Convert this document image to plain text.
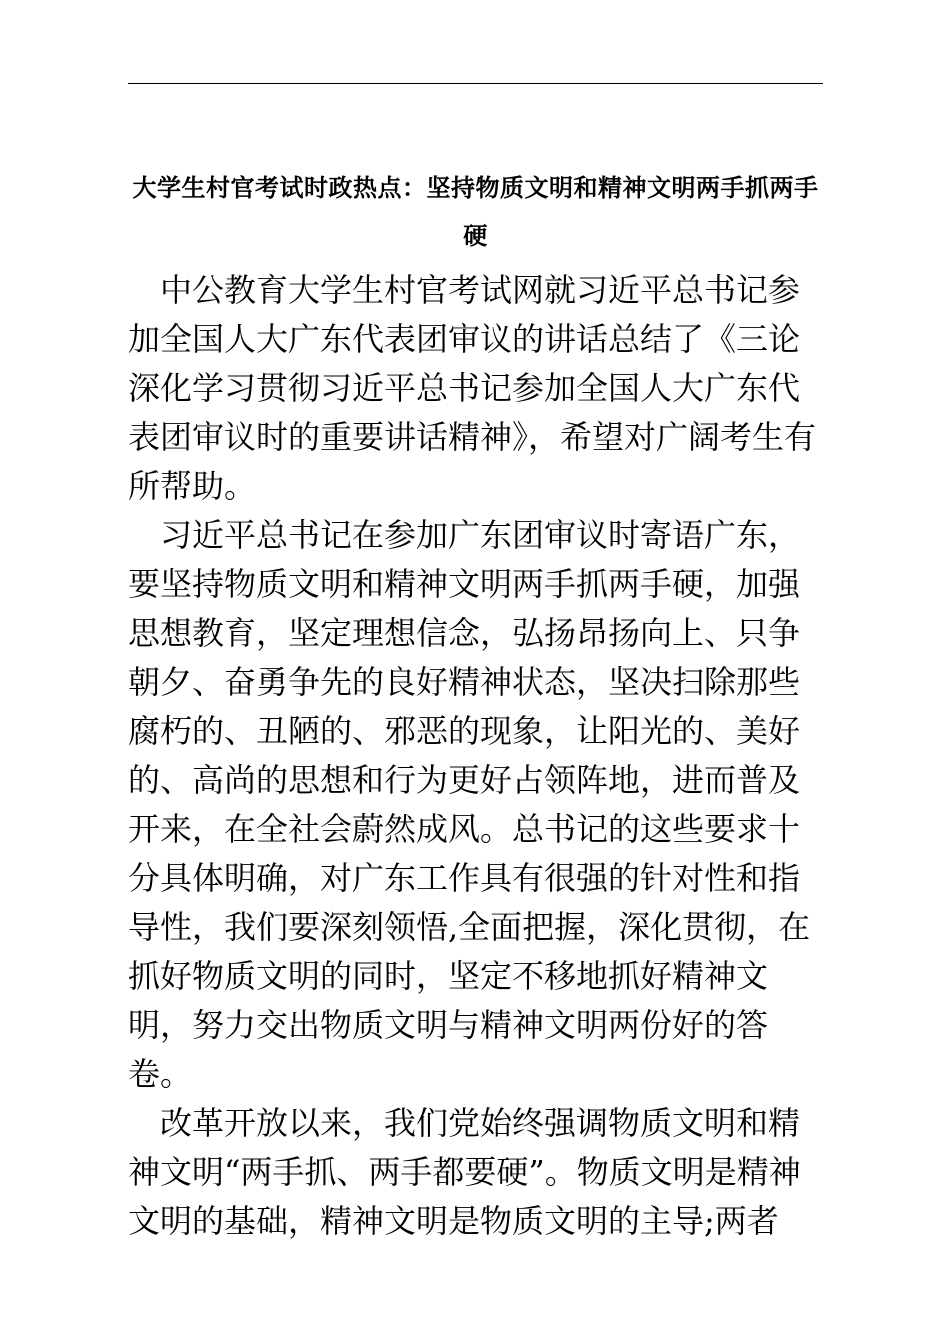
大学生村官考试时政热点：坚持物质文明和精神文明两手抓两手硬

中公教育大学生村官考试网就习近平总书记参加全国人大广东代表团审议的讲话总结了《三论深化学习贯彻习近平总书记参加全国人大广东代表团审议时的重要讲话精神》，希望对广阔考生有所帮助。

习近平总书记在参加广东团审议时寄语广东，要坚持物质文明和精神文明两手抓两手硬，加强思想教育，坚定理想信念，弘扬昂扬向上、只争朝夕、奋勇争先的良好精神状态，坚决扫除那些腐朽的、丑陋的、邪恶的现象，让阳光的、美好的、高尚的思想和行为更好占领阵地，进而普及开来，在全社会蔚然成风。总书记的这些要求十分具体明确，对广东工作具有很强的针对性和指导性，我们要深刻领悟,全面把握，深化贯彻，在抓好物质文明的同时，坚定不移地抓好精神文明，努力交出物质文明与精神文明两份好的答卷。

改革开放以来，我们党始终强调物质文明和精神文明“两手抓、两手都要硬”。物质文明是精神文明的基础，精神文明是物质文明的主导;两者
